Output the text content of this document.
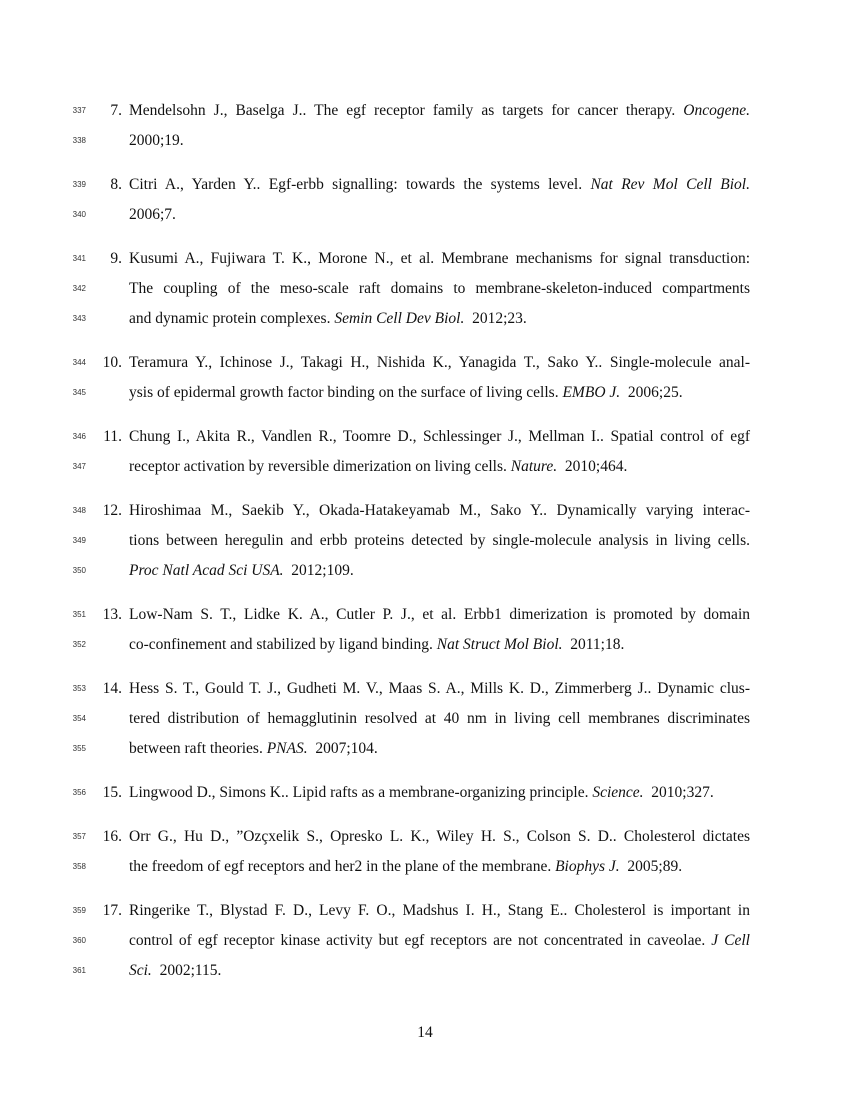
337	7. Mendelsohn J., Baselga J.. The egf receptor family as targets for cancer therapy. Oncogene.
338	2000;19.
339	8. Citri A., Yarden Y.. Egf-erbb signalling: towards the systems level. Nat Rev Mol Cell Biol.
340	2006;7.
341	9. Kusumi A., Fujiwara T. K., Morone N., et al. Membrane mechanisms for signal transduction:
342	The coupling of the meso-scale raft domains to membrane-skeleton-induced compartments
343	and dynamic protein complexes. Semin Cell Dev Biol.  2012;23.
344	10. Teramura Y., Ichinose J., Takagi H., Nishida K., Yanagida T., Sako Y.. Single-molecule anal-
345	ysis of epidermal growth factor binding on the surface of living cells. EMBO J.  2006;25.
346	11. Chung I., Akita R., Vandlen R., Toomre D., Schlessinger J., Mellman I.. Spatial control of egf
347	receptor activation by reversible dimerization on living cells. Nature.  2010;464.
348	12. Hiroshimaa M., Saekib Y., Okada-Hatakeyamab M., Sako Y.. Dynamically varying interac-
349	tions between heregulin and erbb proteins detected by single-molecule analysis in living cells.
350	Proc Natl Acad Sci USA.  2012;109.
351	13. Low-Nam S. T., Lidke K. A., Cutler P. J., et al. Erbb1 dimerization is promoted by domain
352	co-confinement and stabilized by ligand binding. Nat Struct Mol Biol.  2011;18.
353	14. Hess S. T., Gould T. J., Gudheti M. V., Maas S. A., Mills K. D., Zimmerberg J.. Dynamic clus-
354	tered distribution of hemagglutinin resolved at 40 nm in living cell membranes discriminates
355	between raft theories. PNAS.  2007;104.
356	15. Lingwood D., Simons K.. Lipid rafts as a membrane-organizing principle. Science.  2010;327.
357	16. Orr G., Hu D., ”Ozçxelik S., Opresko L. K., Wiley H. S., Colson S. D.. Cholesterol dictates
358	the freedom of egf receptors and her2 in the plane of the membrane. Biophys J.  2005;89.
359	17. Ringerike T., Blystad F. D., Levy F. O., Madshus I. H., Stang E.. Cholesterol is important in
360	control of egf receptor kinase activity but egf receptors are not concentrated in caveolae. J Cell
361	Sci.  2002;115.
14
